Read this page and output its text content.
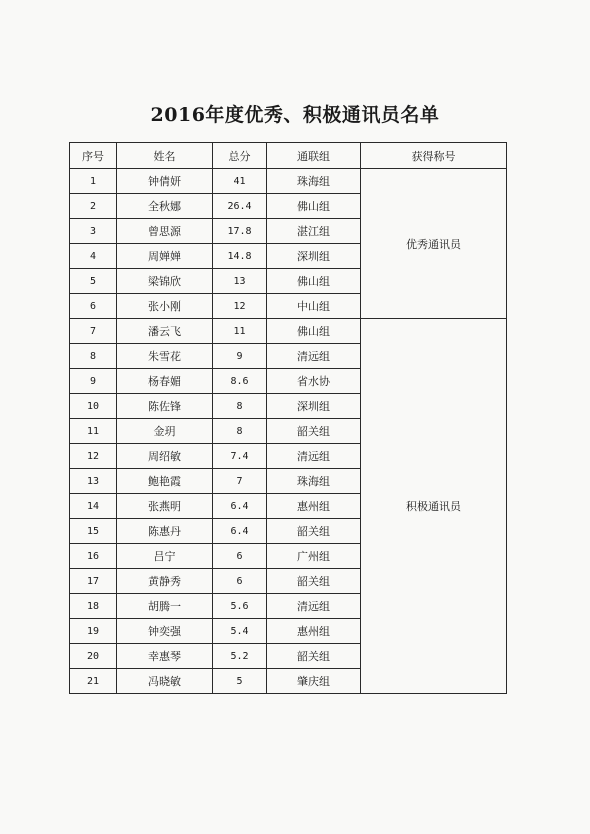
2016年度优秀、积极通讯员名单
序号	姓名	总分	通联组	获得称号
1	钟倩妍	41	珠海组	优秀通讯员
2	全秋娜	26.4	佛山组	
3	曾思源	17.8	湛江组	
4	周婵婵	14.8	深圳组	
5	梁锦欣	13	佛山组	
6	张小刚	12	中山组	
7	潘云飞	11	佛山组	积极通讯员
8	朱雪花	9	清远组	
9	杨春媚	8.6	省水协	
10	陈佐锋	8	深圳组	
11	金玥	8	韶关组	
12	周绍敏	7.4	清远组	
13	鲍艳霞	7	珠海组	
14	张燕明	6.4	惠州组	
15	陈惠丹	6.4	韶关组	
16	吕宁	6	广州组	
17	黄静秀	6	韶关组	
18	胡腾一	5.6	清远组	
19	钟奕强	5.4	惠州组	
20	幸惠琴	5.2	韶关组	
21	冯晓敏	5	肇庆组	
